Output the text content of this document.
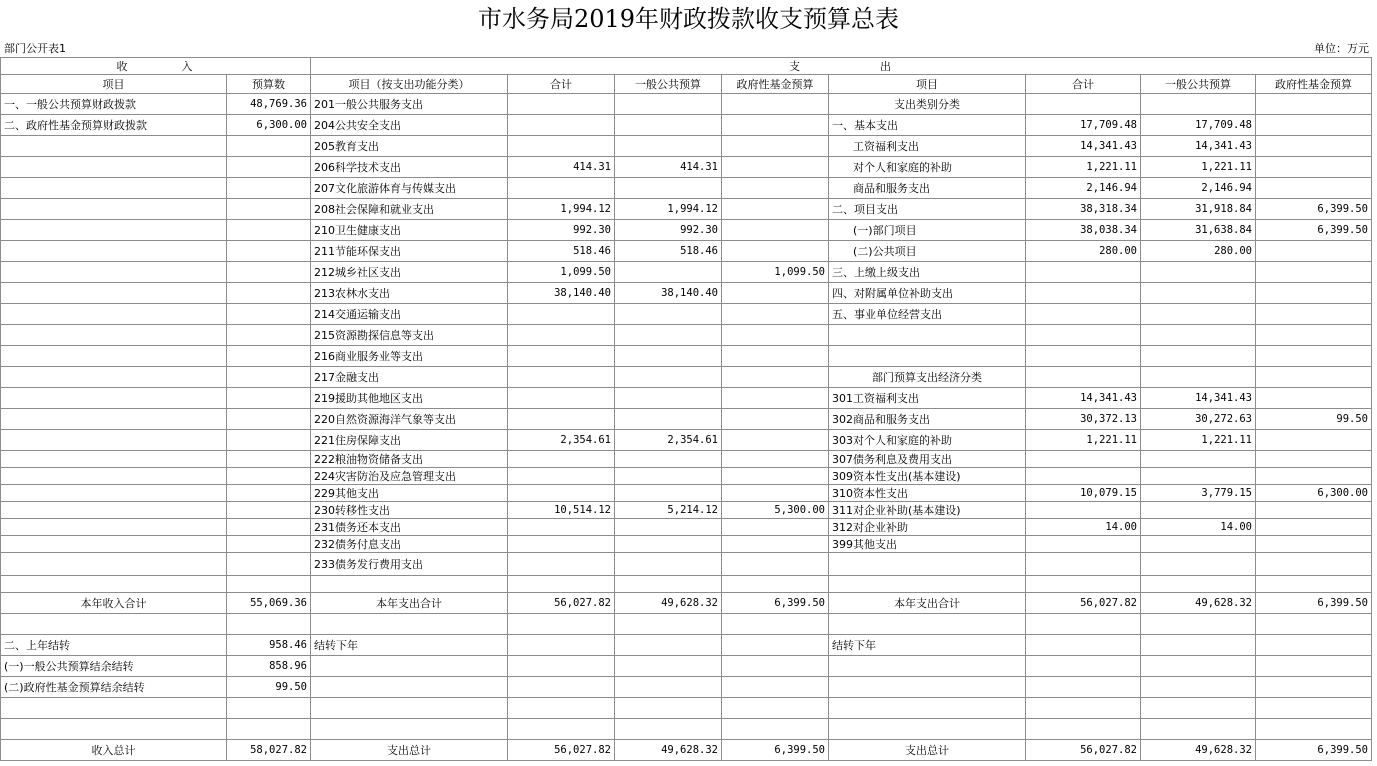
市水务局2019年财政拨款收支预算总表
部门公开表1	单位：万元
收　　　　入		支　　　　　　出							
项目	预算数	项目（按支出功能分类）	合计	一般公共预算	政府性基金预算	项目	合计	一般公共预算	政府性基金预算
一、一般公共预算财政拨款	48,769.36	201一般公共服务支出				支出类别分类			
二、政府性基金预算财政拨款	6,300.00	204公共安全支出				一、基本支出	17,709.48	17,709.48	
		205教育支出				工资福利支出	14,341.43	14,341.43	
		206科学技术支出	414.31	414.31		对个人和家庭的补助	1,221.11	1,221.11	
		207文化旅游体育与传媒支出				商品和服务支出	2,146.94	2,146.94	
		208社会保障和就业支出	1,994.12	1,994.12		二、项目支出	38,318.34	31,918.84	6,399.50
		210卫生健康支出	992.30	992.30		(一)部门项目	38,038.34	31,638.84	6,399.50
		211节能环保支出	518.46	518.46		(二)公共项目	280.00	280.00	
		212城乡社区支出	1,099.50		1,099.50	三、上缴上级支出			
		213农林水支出	38,140.40	38,140.40		四、对附属单位补助支出			
		214交通运输支出				五、事业单位经营支出			
		215资源勘探信息等支出							
		216商业服务业等支出							
		217金融支出				部门预算支出经济分类			
		219援助其他地区支出				301工资福利支出	14,341.43	14,341.43	
		220自然资源海洋气象等支出				302商品和服务支出	30,372.13	30,272.63	99.50
		221住房保障支出	2,354.61	2,354.61		303对个人和家庭的补助	1,221.11	1,221.11	
		222粮油物资储备支出				307债务利息及费用支出			
		224灾害防治及应急管理支出				309资本性支出(基本建设)			
		229其他支出				310资本性支出	10,079.15	3,779.15	6,300.00
		230转移性支出	10,514.12	5,214.12	5,300.00	311对企业补助(基本建设)			
		231债务还本支出				312对企业补助	14.00	14.00	
		232债务付息支出				399其他支出			
		233债务发行费用支出							

本年收入合计	55,069.36	本年支出合计	56,027.82	49,628.32	6,399.50	本年支出合计	56,027.82	49,628.32	6,399.50

二、上年结转	958.46	结转下年				结转下年			
(一)一般公共预算结余结转	858.96								
(二)政府性基金预算结余结转	99.50								

收入总计	58,027.82	支出总计	56,027.82	49,628.32	6,399.50	支出总计	56,027.82	49,628.32	6,399.50
